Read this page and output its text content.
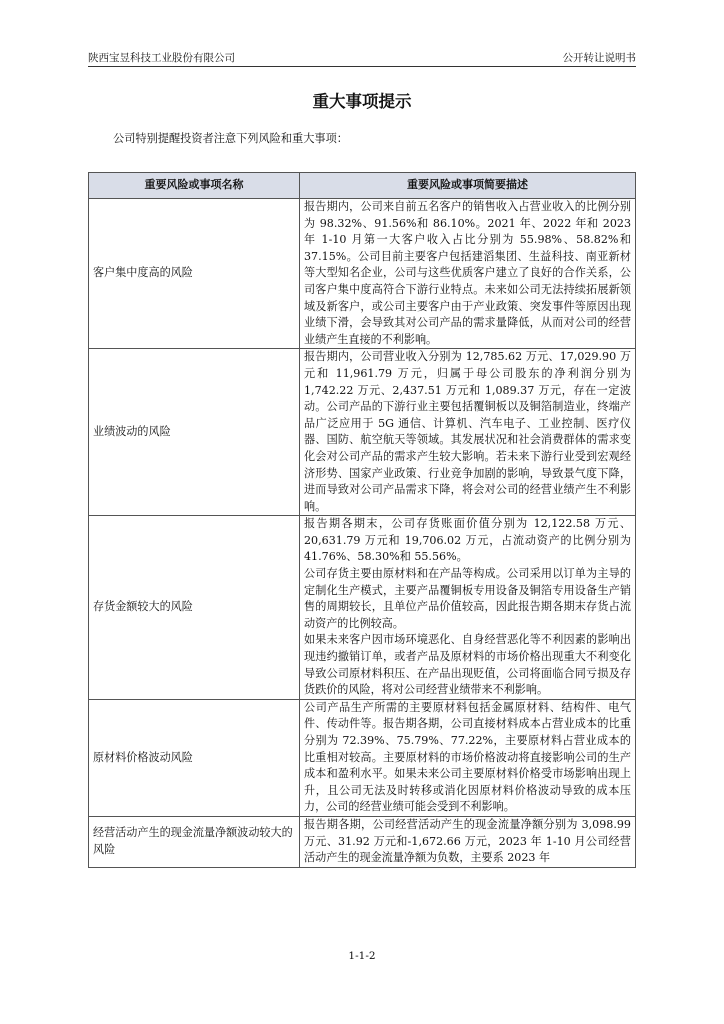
陕西宝昱科技工业股份有限公司	公开转让说明书
重大事项提示
公司特别提醒投资者注意下列风险和重大事项：
重要风险或事项名称	重要风险或事项简要描述
客户集中度高的风险	报告期内，公司来自前五名客户的销售收入占营业收入的比例分别为 98.32%、91.56%和 86.10%。2021 年、2022 年和 2023 年 1-10 月第一大客户收入占比分别为 55.98%、58.82%和 37.15%。公司目前主要客户包括建滔集团、生益科技、南亚新材等大型知名企业，公司与这些优质客户建立了良好的合作关系，公司客户集中度高符合下游行业特点。未来如公司无法持续拓展新领域及新客户，或公司主要客户由于产业政策、突发事件等原因出现业绩下滑，会导致其对公司产品的需求量降低，从而对公司的经营业绩产生直接的不利影响。

业绩波动的风险	报告期内，公司营业收入分别为 12,785.62 万元、17,029.90 万元和 11,961.79 万元，归属于母公司股东的净利润分别为 1,742.22 万元、2,437.51 万元和 1,089.37 万元，存在一定波动。公司产品的下游行业主要包括覆铜板以及铜箔制造业，终端产品广泛应用于 5G 通信、计算机、汽车电子、工业控制、医疗仪器、国防、航空航天等领域。其发展状况和社会消费群体的需求变化会对公司产品的需求产生较大影响。若未来下游行业受到宏观经济形势、国家产业政策、行业竞争加剧的影响，导致景气度下降，进而导致对公司产品需求下降，将会对公司的经营业绩产生不利影响。

存货金额较大的风险	报告期各期末，公司存货账面价值分别为 12,122.58 万元、20,631.79 万元和 19,706.02 万元，占流动资产的比例分别为 41.76%、58.30%和 55.56%。
公司存货主要由原材料和在产品等构成。公司采用以订单为主导的定制化生产模式，主要产品覆铜板专用设备及铜箔专用设备生产销售的周期较长，且单位产品价值较高，因此报告期各期末存货占流动资产的比例较高。
如果未来客户因市场环境恶化、自身经营恶化等不利因素的影响出现违约撤销订单，或者产品及原材料的市场价格出现重大不利变化导致公司原材料积压、在产品出现贬值，公司将面临合同亏损及存货跌价的风险，将对公司经营业绩带来不利影响。

原材料价格波动风险	公司产品生产所需的主要原材料包括金属原材料、结构件、电气件、传动件等。报告期各期，公司直接材料成本占营业成本的比重分别为 72.39%、75.79%、77.22%，主要原材料占营业成本的比重相对较高。主要原材料的市场价格波动将直接影响公司的生产成本和盈利水平。如果未来公司主要原材料价格受市场影响出现上升，且公司无法及时转移或消化因原材料价格波动导致的成本压力，公司的经营业绩可能会受到不利影响。

经营活动产生的现金流量净额波动较大的风险	报告期各期，公司经营活动产生的现金流量净额分别为 3,098.99 万元、31.92 万元和-1,672.66 万元，2023 年 1-10 月公司经营活动产生的现金流量净额为负数，主要系 2023 年
1-1-2
